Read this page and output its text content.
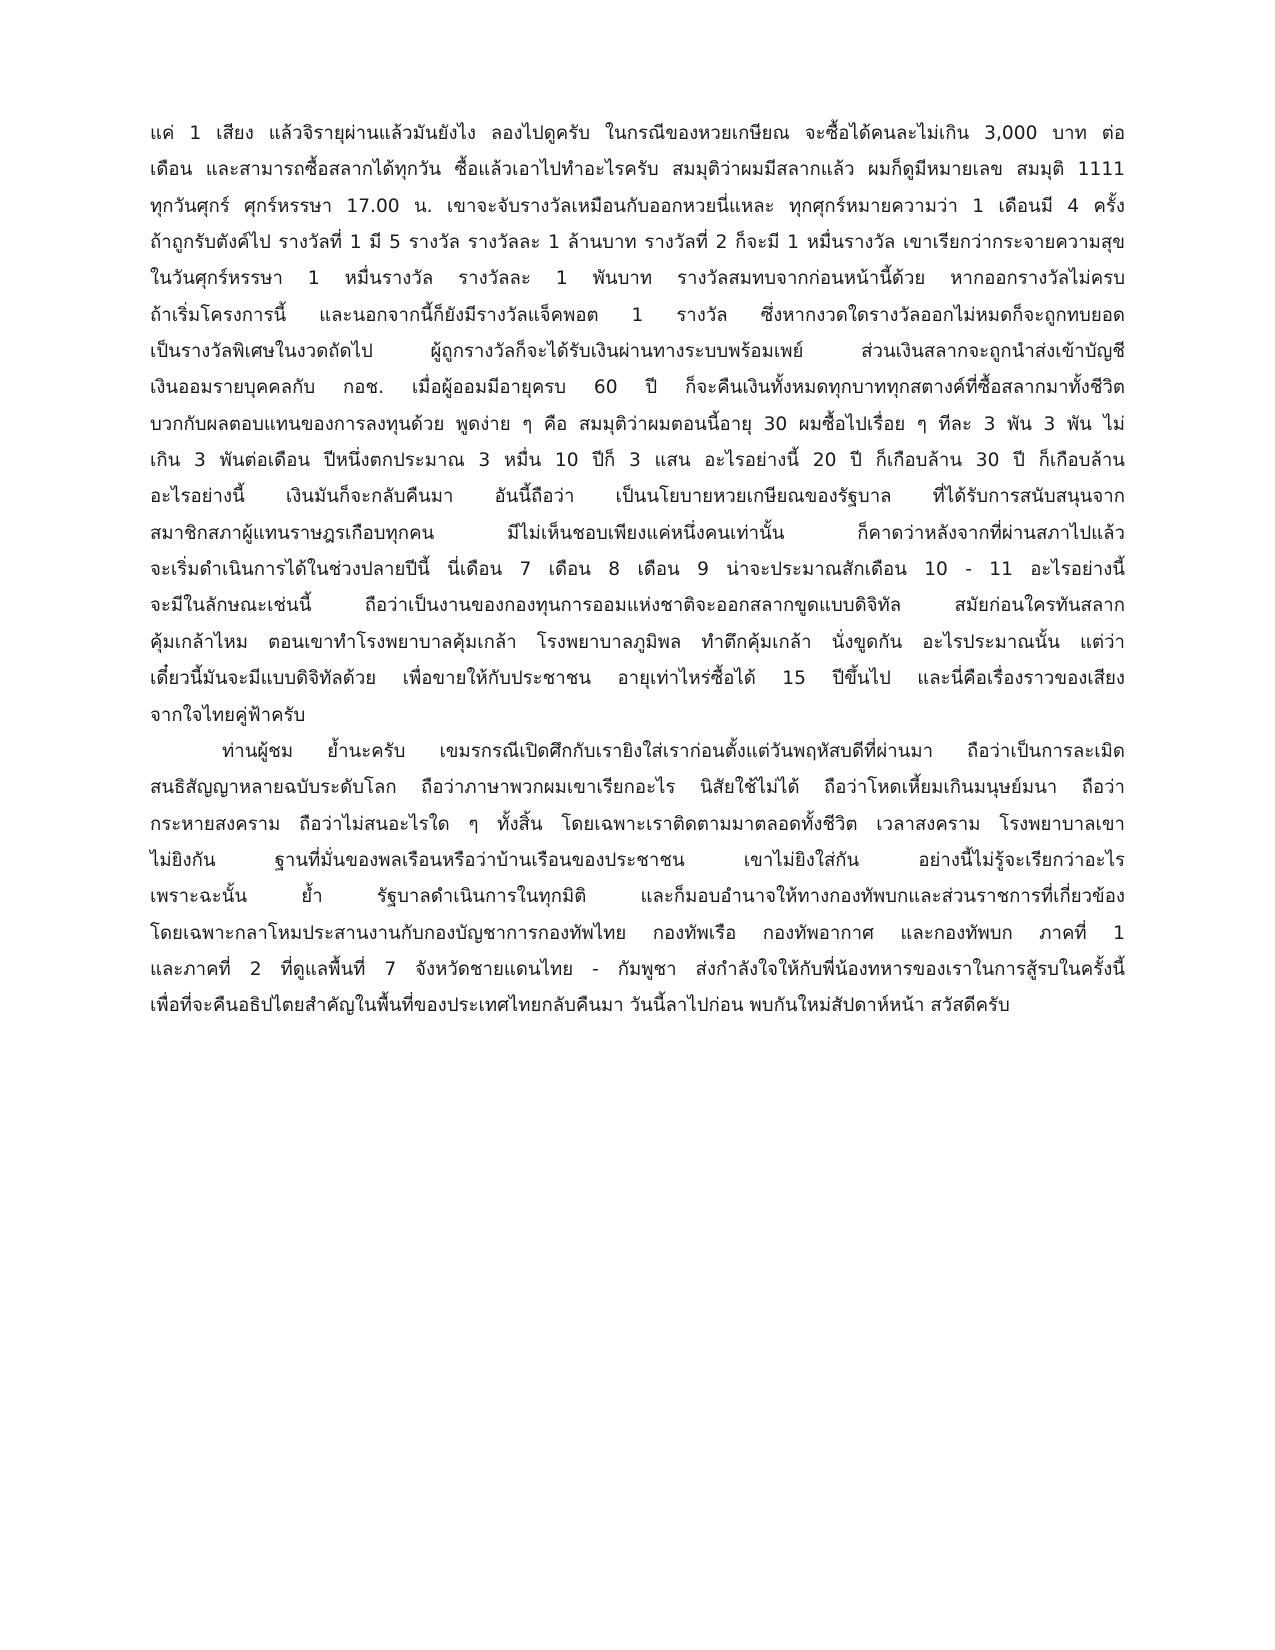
แค่ 1 เสียง แล้วจิรายุผ่านแล้วมันยังไง ลองไปดูครับ ในกรณีของหวยเกษียณ จะซื้อได้คนละไม่เกิน 3,000 บาท ต่อ
เดือน และสามารถซื้อสลากได้ทุกวัน ซื้อแล้วเอาไปทำอะไรครับ สมมุติว่าผมมีสลากแล้ว ผมก็ดูมีหมายเลข สมมุติ 1111
ทุกวันศุกร์ ศุกร์หรรษา 17.00 น. เขาจะจับรางวัลเหมือนกับออกหวยนี่แหละ ทุกศุกร์หมายความว่า 1 เดือนมี 4 ครั้ง
ถ้าถูกรับตังค์ไป รางวัลที่ 1 มี 5 รางวัล รางวัลละ 1 ล้านบาท รางวัลที่ 2 ก็จะมี 1 หมื่นรางวัล เขาเรียกว่ากระจายความสุข
ในวันศุกร์หรรษา 1 หมื่นรางวัล รางวัลละ 1 พันบาท รางวัลสมทบจากก่อนหน้านี้ด้วย หากออกรางวัลไม่ครบ
ถ้าเริ่มโครงการนี้ และนอกจากนี้ก็ยังมีรางวัลแจ็คพอต 1 รางวัล ซึ่งหากงวดใดรางวัลออกไม่หมดก็จะถูกทบยอด
เป็นรางวัลพิเศษในงวดถัดไป ผู้ถูกรางวัลก็จะได้รับเงินผ่านทางระบบพร้อมเพย์ ส่วนเงินสลากจะถูกนำส่งเข้าบัญชี
เงินออมรายบุคคลกับ กอช. เมื่อผู้ออมมีอายุครบ 60 ปี ก็จะคืนเงินทั้งหมดทุกบาททุกสตางค์ที่ซื้อสลากมาทั้งชีวิต
บวกกับผลตอบแทนของการลงทุนด้วย พูดง่าย ๆ คือ สมมุติว่าผมตอนนี้อายุ 30 ผมซื้อไปเรื่อย ๆ ทีละ 3 พัน 3 พัน ไม่
เกิน 3 พันต่อเดือน ปีหนึ่งตกประมาณ 3 หมื่น 10 ปีก็ 3 แสน อะไรอย่างนี้ 20 ปี ก็เกือบล้าน 30 ปี ก็เกือบล้าน
อะไรอย่างนี้ เงินมันก็จะกลับคืนมา อันนี้ถือว่า เป็นนโยบายหวยเกษียณของรัฐบาล ที่ได้รับการสนับสนุนจาก
สมาชิกสภาผู้แทนราษฎรเกือบทุกคน มีไม่เห็นชอบเพียงแค่หนึ่งคนเท่านั้น ก็คาดว่าหลังจากที่ผ่านสภาไปแล้ว
จะเริ่มดำเนินการได้ในช่วงปลายปีนี้ นี่เดือน 7 เดือน 8 เดือน 9 น่าจะประมาณสักเดือน 10 - 11 อะไรอย่างนี้
จะมีในลักษณะเช่นนี้ ถือว่าเป็นงานของกองทุนการออมแห่งชาติจะออกสลากขูดแบบดิจิทัล สมัยก่อนใครทันสลาก
คุ้มเกล้าไหม ตอนเขาทำโรงพยาบาลคุ้มเกล้า โรงพยาบาลภูมิพล ทำตึกคุ้มเกล้า นั่งขูดกัน อะไรประมาณนั้น แต่ว่า
เดี๋ยวนี้มันจะมีแบบดิจิทัลด้วย เพื่อขายให้กับประชาชน อายุเท่าไหร่ซื้อได้ 15 ปีขึ้นไป และนี่คือเรื่องราวของเสียง
จากใจไทยคู่ฟ้าครับ
ท่านผู้ชม ย้ำนะครับ เขมรกรณีเปิดศึกกับเรายิงใส่เราก่อนตั้งแต่วันพฤหัสบดีที่ผ่านมา ถือว่าเป็นการละเมิด
สนธิสัญญาหลายฉบับระดับโลก ถือว่าภาษาพวกผมเขาเรียกอะไร นิสัยใช้ไม่ได้ ถือว่าโหดเหี้ยมเกินมนุษย์มนา ถือว่า
กระหายสงคราม ถือว่าไม่สนอะไรใด ๆ ทั้งสิ้น โดยเฉพาะเราติดตามมาตลอดทั้งชีวิต เวลาสงคราม โรงพยาบาลเขา
ไม่ยิงกัน ฐานที่มั่นของพลเรือนหรือว่าบ้านเรือนของประชาชน เขาไม่ยิงใส่กัน อย่างนี้ไม่รู้จะเรียกว่าอะไร
เพราะฉะนั้น ย้ำ รัฐบาลดำเนินการในทุกมิติ และก็มอบอำนาจให้ทางกองทัพบกและส่วนราชการที่เกี่ยวข้อง
โดยเฉพาะกลาโหมประสานงานกับกองบัญชาการกองทัพไทย กองทัพเรือ กองทัพอากาศ และกองทัพบก ภาคที่ 1
และภาคที่ 2 ที่ดูแลพื้นที่ 7 จังหวัดชายแดนไทย - กัมพูชา ส่งกำลังใจให้กับพี่น้องทหารของเราในการสู้รบในครั้งนี้
เพื่อที่จะคืนอธิปไตยสำคัญในพื้นที่ของประเทศไทยกลับคืนมา วันนี้ลาไปก่อน พบกันใหม่สัปดาห์หน้า สวัสดีครับ
